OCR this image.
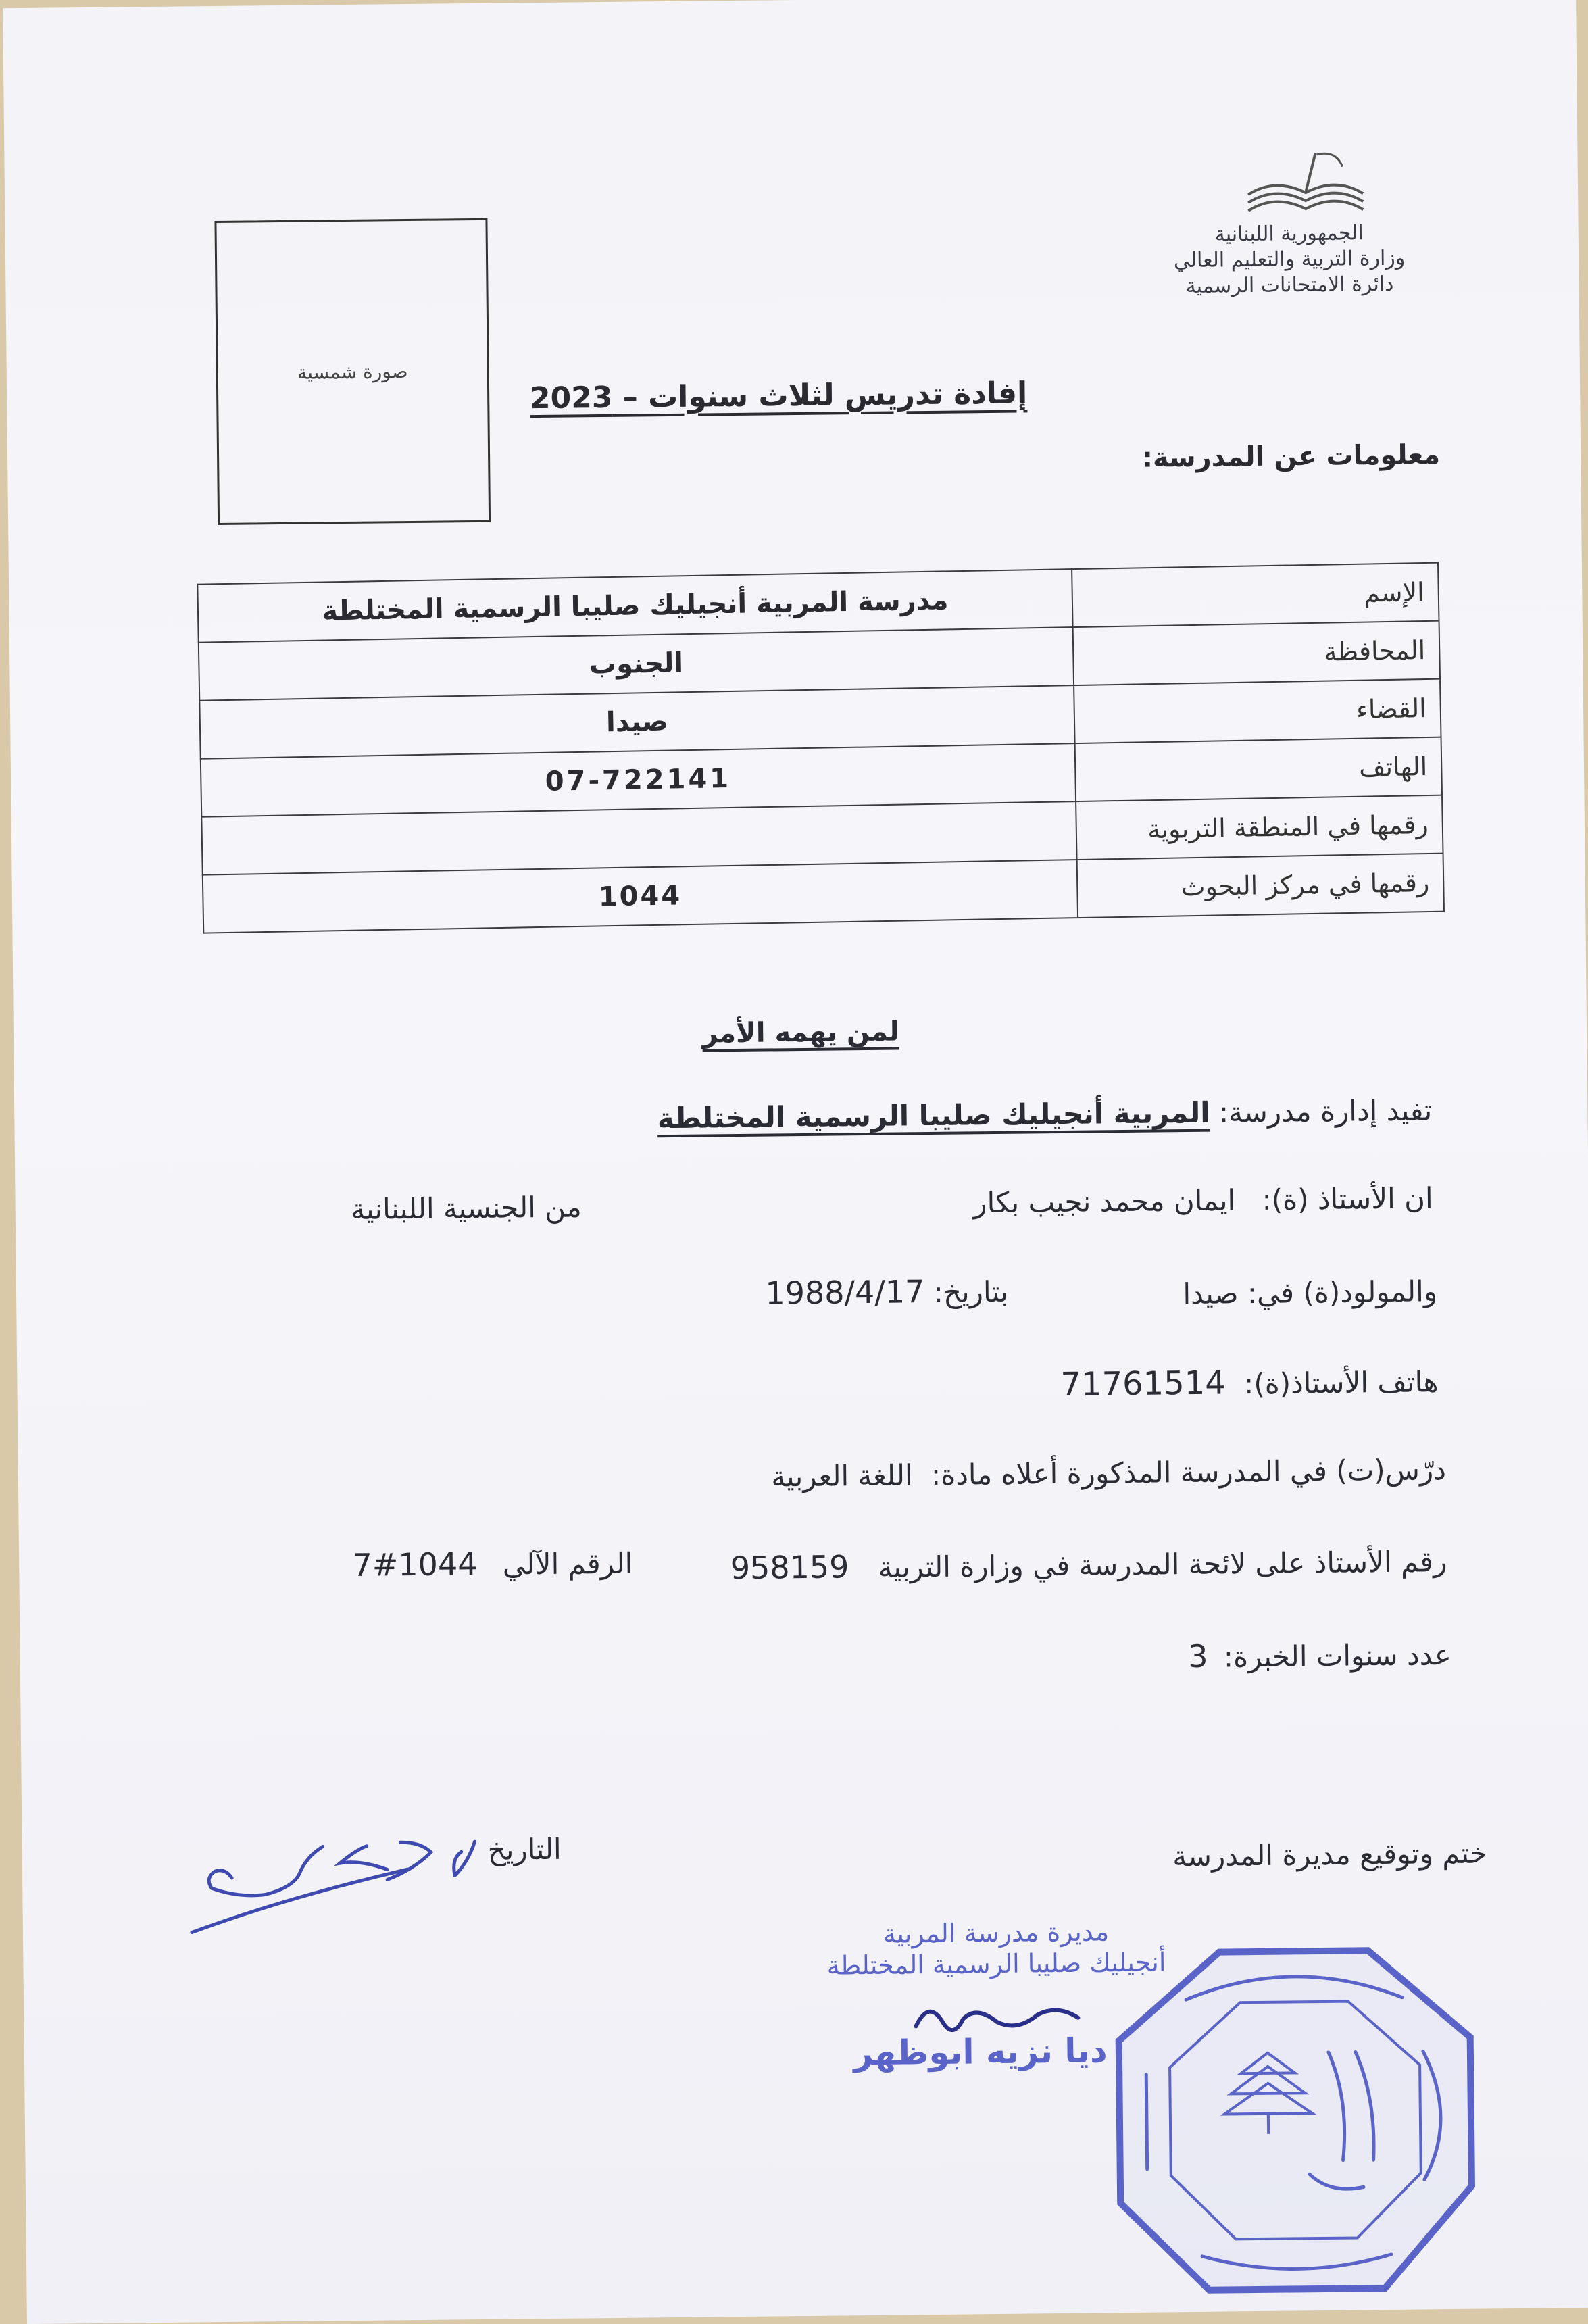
الجمهورية اللبنانية
وزارة التربية والتعليم العالي
دائرة الامتحانات الرسمية
صورة شمسية
إفادة تدريس لثلاث سنوات – 2023
معلومات عن المدرسة:
الإسم	مدرسة المربية أنجيليك صليبا الرسمية المختلطة
المحافظة	الجنوب
القضاء	صيدا
الهاتف	07-722141
رقمها في المنطقة التربوية	
رقمها في مركز البحوث	1044
لمن يهمه الأمر
تفيد إدارة مدرسة: المربية أنجيليك صليبا الرسمية المختلطة
ان الأستاذ (ة): ايمان محمد نجيب بكار
من الجنسية اللبنانية
والمولود(ة) في: صيدا
بتاريخ: 1988/4/17
هاتف الأستاذ(ة): 71761514
درّس(ت) في المدرسة المذكورة أعلاه مادة: اللغة العربية
رقم الأستاذ على لائحة المدرسة في وزارة التربية 958159
الرقم الآلي 7#1044
عدد سنوات الخبرة: 3
ختم وتوقيع مديرة المدرسة
التاريخ
مديرة مدرسة المربية
أنجيليك صليبا الرسمية المختلطة
ديا نزيه ابوظهر
